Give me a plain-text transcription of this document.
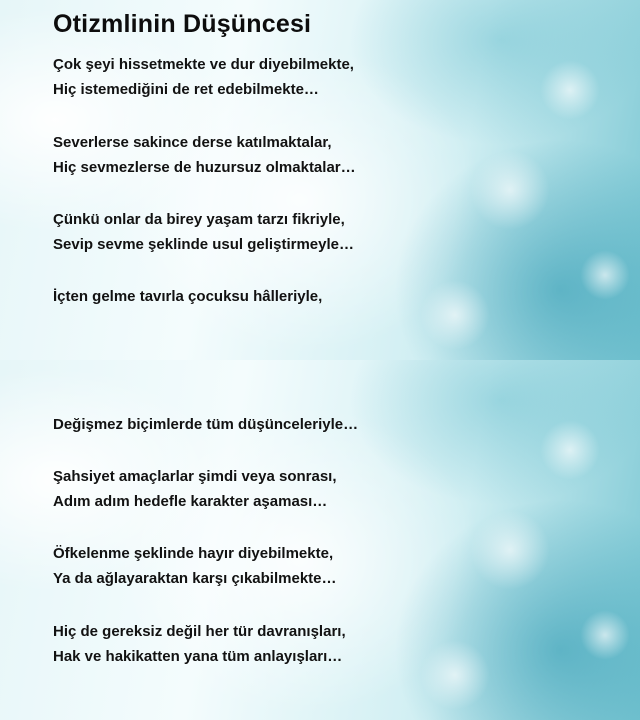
Otizmlinin Düşüncesi

Çok şeyi hissetmekte ve dur diyebilmekte,

Hiç istemediğini de ret edebilmekte…

Severlerse sakince derse katılmaktalar,

Hiç sevmezlerse de huzursuz olmaktalar…

Çünkü onlar da birey yaşam tarzı fikriyle,

Sevip sevme şeklinde usul geliştirmeyle…

İçten gelme tavırla çocuksu hâlleriyle,

Değişmez biçimlerde tüm düşünceleriyle…

Şahsiyet amaçlarlar şimdi veya sonrası,

Adım adım hedefle karakter aşaması…

Öfkelenme şeklinde hayır diyebilmekte,

Ya da ağlayaraktan karşı çıkabilmekte…

Hiç de gereksiz değil her tür davranışları,

Hak ve hakikatten yana tüm anlayışları…
